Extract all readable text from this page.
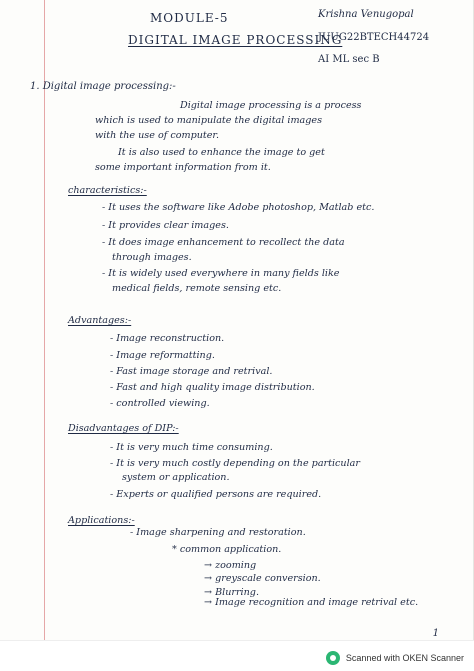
MODULE-5
DIGITAL IMAGE PROCESSING
Krishna Venugopal
JUUG22BTECH44724
AI ML sec B
1. Digital image processing:-
Digital image processing is a process
which is used to manipulate the digital images
with the use of computer.
It is also used to enhance the image to get
some important information from it.
characteristics:-
- It uses the software like Adobe photoshop, Matlab etc.
- It provides clear images.
- It does image enhancement to recollect the data
through images.
- It is widely used everywhere in many fields like
medical fields, remote sensing etc.
Advantages:-
- Image reconstruction.
- Image reformatting.
- Fast image storage and retrival.
- Fast and high quality image distribution.
- controlled viewing.
Disadvantages of DIP:-
- It is very much time consuming.
- It is very much costly depending on the particular
system or application.
- Experts or qualified persons are required.
Applications:-
- Image sharpening and restoration.
* common application.
→ zooming
→ greyscale conversion.
→ Blurring.
→ Image recognition and image retrival etc.
1
Scanned with OKEN Scanner
